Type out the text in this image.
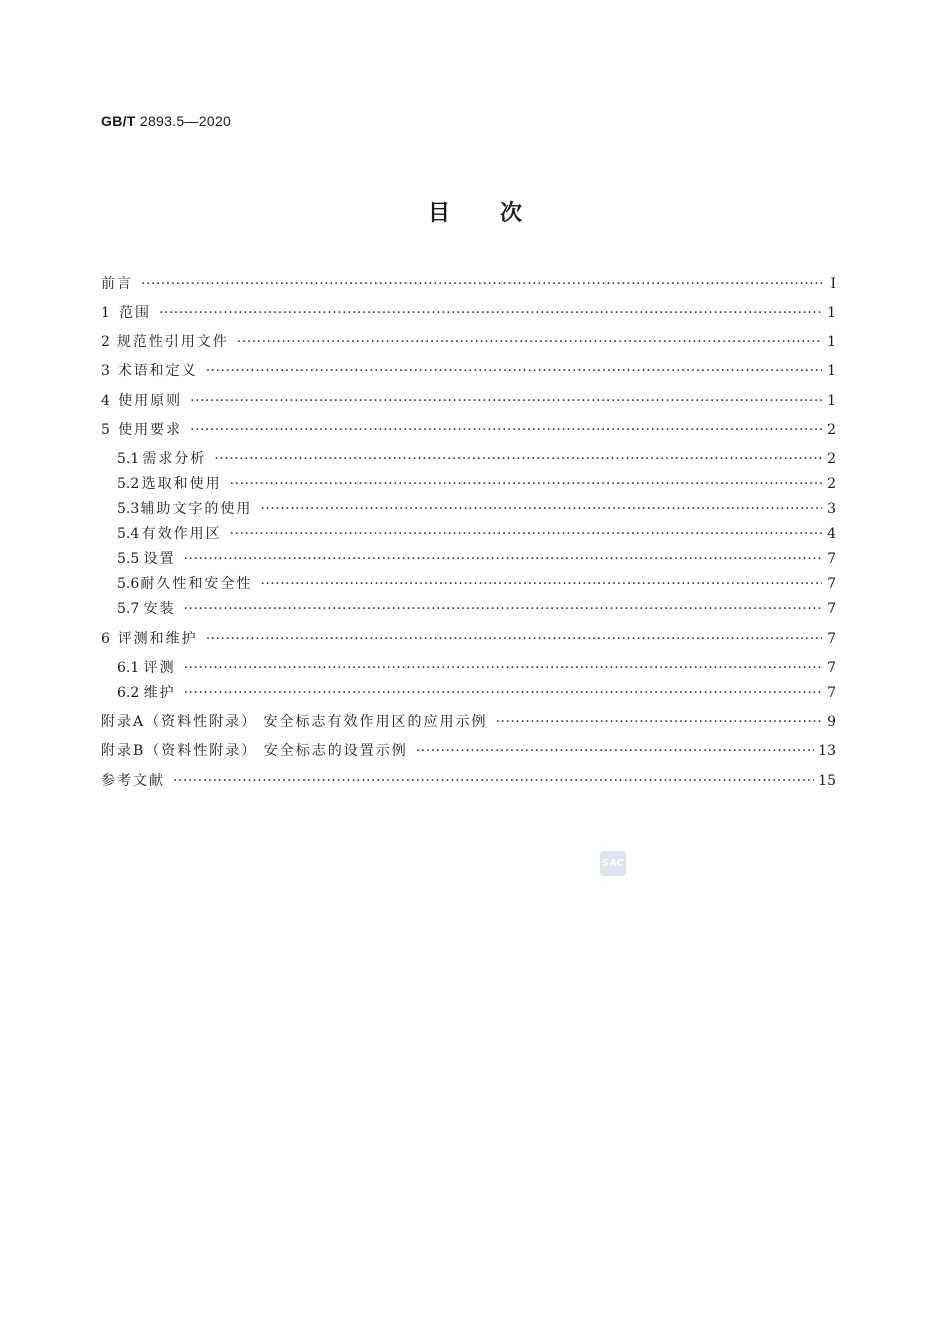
GB/T 2893.5—2020
目次
前言 ·····	Ⅰ
1 范围 ·····	1
2 规范性引用文件 ·····	1
3 术语和定义 ·····	1
4 使用原则 ·····	1
5 使用要求 ·····	2
5.1 需求分析 ·····	2
5.2 选取和使用 ·····	2
5.3 辅助文字的使用 ·····	3
5.4 有效作用区 ·····	4
5.5 设置 ·····	7
5.6 耐久性和安全性 ·····	7
5.7 安装 ·····	7
6 评测和维护 ·····	7
6.1 评测 ·····	7
6.2 维护 ·····	7
附录A（资料性附录） 安全标志有效作用区的应用示例 ·····	9
附录B（资料性附录） 安全标志的设置示例 ·····	13
参考文献 ·····	15
SAC
